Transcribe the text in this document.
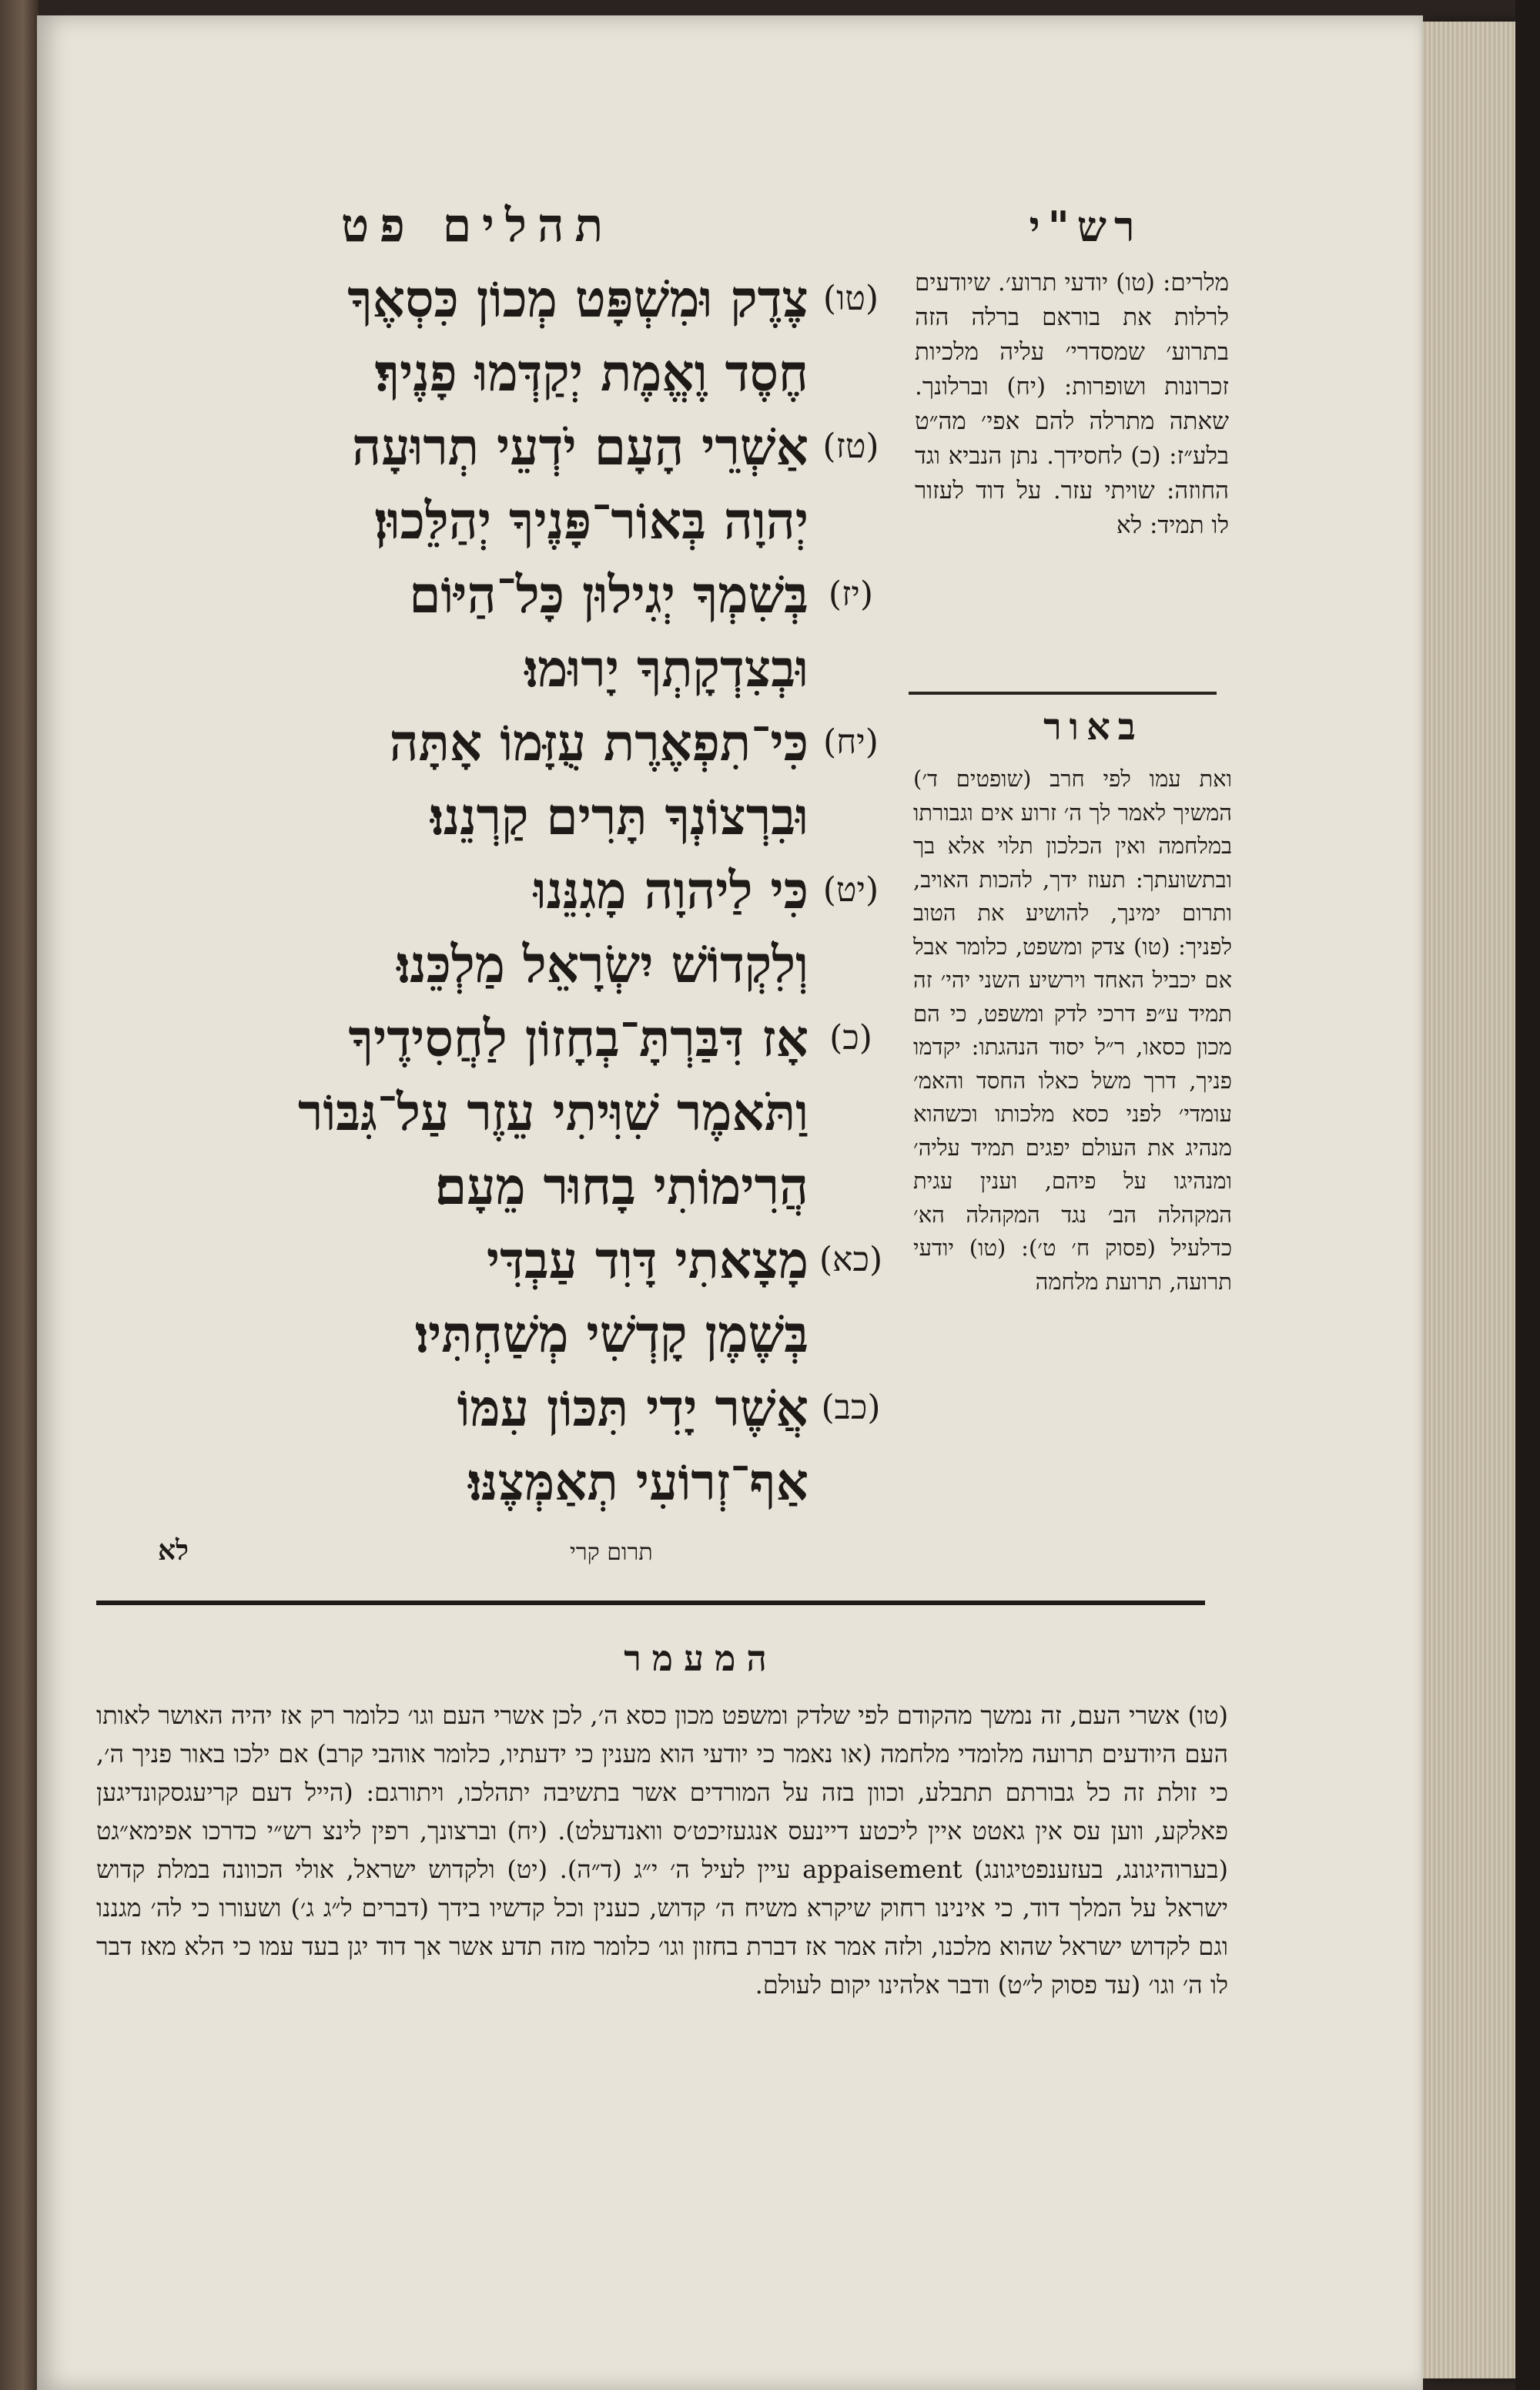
תהלים פט
(טו)
צֶדֶק וּמִשְׁפָּט מְכוֹן כִּסְאֶךָ
חֶסֶד וֶאֱמֶת יְקַדְּמוּ פָנֶיךָ׃
(טז)
אַשְׁרֵי הָעָם יֹדְעֵי תְרוּעָה
יְהוָה בְּאוֹר־פָּנֶיךָ יְהַלֵּכוּן׃
(יז)
בְּשִׁמְךָ יְגִילוּן כָּל־הַיּוֹם
וּבְצִדְקָתְךָ יָרוּמוּ׃
(יח)
כִּי־תִפְאֶרֶת עֻזָּמוֹ אָתָּה
וּבִרְצוֹנְךָ תָּרִים קַרְנֵנוּ׃
(יט)
כִּי לַיהוָה מָגִנֵּנוּ
וְלִקְדוֹשׁ יִשְׂרָאֵל מַלְכֵּנוּ׃
(כ)
אָז דִּבַּרְתָּ־בְחָזוֹן לַחֲסִידֶיךָ
וַתֹּאמֶר שִׁוִּיתִי עֵזֶר עַל־גִּבּוֹר
הֲרִימוֹתִי בָחוּר מֵעָם׃
(כא)
מָצָאתִי דָּוִד עַבְדִּי
בְּשֶׁמֶן קָדְשִׁי מְשַׁחְתִּיו׃
(כב)
אֲשֶׁר יָדִי תִּכּוֹן עִמּוֹ
אַף־זְרוֹעִי תְאַמְּצֶנּוּ׃
לא	תרום קרי
רש"י
מלרים: (טו) יודעי תרוע׳. שיודעים לרלות את בוראם ברלה הזה בתרוע׳ שמסדרי׳ עליה מלכיות זכרונות ושופרות: (יח) וברלונך. שאתה מתרלה להם אפי׳ מה״ט בלע״ז: (כ) לחסידך. נתן הנביא וגד החוזה: שויתי עזר. על דוד לעזור לו תמיד: לא
באור
ואת עמו לפי חרב (שופטים ד׳) המשיך לאמר לך ה׳ זרוע אים וגבורתו במלחמה ואין הכלכון תלוי אלא בך ובתשועתך: תעוז ידך, להכות האויב, ותרום ימינך, להושיע את הטוב לפניך: (טו) צדק ומשפט, כלומר אבל אם יכביל האחד וירשיע השני יהי׳ זה תמיד ע״פ דרכי לדק ומשפט, כי הם מכון כסאו, ר״ל יסוד הנהגתו: יקדמו פניך, דרך משל כאלו החסד והאמ׳ עומדי׳ לפני כסא מלכותו וכשהוא מנהיג את העולם יפגים תמיד עליה׳ ומנהיגו על פיהם, וענין עגית המקהלה הב׳ נגד המקהלה הא׳ כדלעיל (פסוק ח׳ ט׳): (טו) יודעי תרועה, תרועת מלחמה
המעמר
(טו) אשרי העם, זה נמשך מהקודם לפי שלדק ומשפט מכון כסא ה׳, לכן אשרי העם וגו׳ כלומר רק אז יהיה האושר לאותו העם היודעים תרועה מלומדי מלחמה (או נאמר כי יודעי הוא מענין כי ידעתיו, כלומר אוהבי קרב) אם ילכו באור פניך ה׳, כי זולת זה כל גבורתם תתבלע, וכוון בזה על המורדים אשר בתשיבה יתהלכו, ויתורגם: (הייל דעם קריעגסקונדיגען פאלקע, ווען עס אין גאטט איין ליכטע דיינעס אנגעזיכט׳ס וואנדעלט). (יח) וברצונך, רפין לינצ רש״י כדרכו אפימא״גט (בערוהיגונג, בעזענפטיגונג) appaisement עיין לעיל ה׳ י״ג (ד״ה). (יט) ולקדוש ישראל, אולי הכוונה במלת קדוש ישראל על המלך דוד, כי אינינו רחוק שיקרא משיח ה׳ קדוש, כענין וכל קדשיו בידך (דברים ל״ג ג׳) ושעורו כי לה׳ מגננו וגם לקדוש ישראל שהוא מלכנו, ולזה אמר אז דברת בחזון וגו׳ כלומר מזה תדע אשר אך דוד יגן בעד עמו כי הלא מאז דבר לו ה׳ וגו׳ (עד פסוק ל״ט) ודבר אלהינו יקום לעולם.
